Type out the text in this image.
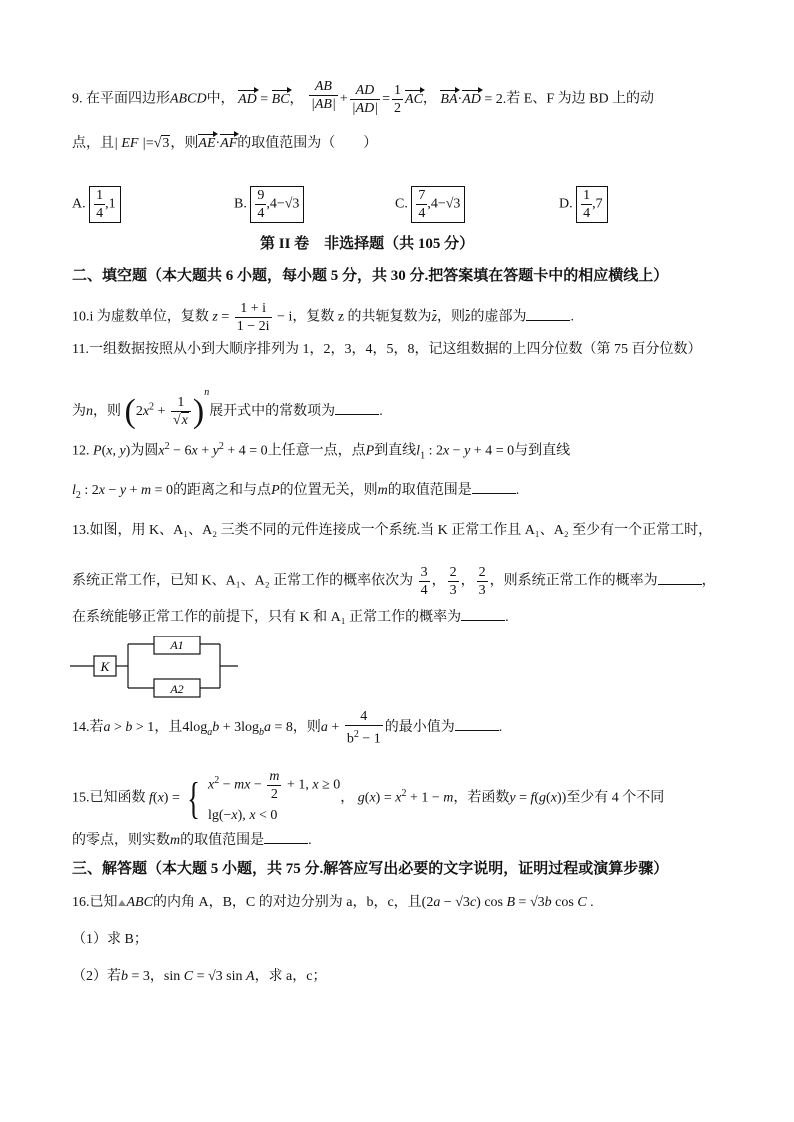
9. 在平面四边形ABCD中， AD = BC， $\frac{AB}{|AB|} + \frac{AD}{|AD|} = \frac{1}{2}$ AC， BA·AD = 2.若 E、F 为边 BD 上的动
点，且| EF |=√3，则AE·AF的取值范围为（　　）
A. $\frac{1}{4} ,1$	B. $\frac{9}{4} ,4-√3$	C. $\frac{7}{4} ,4-√3$	D. $\frac{1}{4} ,7$
第 II 卷　非选择题（共 105 分）
二、填空题（本大题共 6 小题，每小题 5 分，共 30 分.把答案填在答题卡中的相应横线上）
10.i 为虚数单位，复数 $z = \frac{1 + i}{1 - 2i} - i$，复数 z 的共轭复数为z，则z的虚部为	.
11.一组数据按照从小到大顺序排列为 1，2，3，4，5，8，记这组数据的上四分位数（第 75 百分位数）
为n，则 $(2x^2 + \frac{1}{√x} )^n$展开式中的常数项为	.
12. P(x, y)为圆$x^2 - 6x + y^2 + 4 = 0$上任意一点，点P到直线$l_1$ : 2x − y + 4 = 0与到直线
$l_2$ : 2x − y + m = 0的距离之和与点P的位置无关，则m的取值范围是	.
13.如图，用 K、A₁、A₂ 三类不同的元件连接成一个系统.当 K 正常工作且 A₁、A₂ 至少有一个正常工时，
系统正常工作，已知 K、A₁、A₂ 正常工作的概率依次为 $\frac{3}{4}$ ， $\frac{2}{3}$ ， $\frac{2}{3}$ ，则系统正常工作的概率为	，
在系统能够正常工作的前提下，只有 K 和 A₁ 正常工作的概率为	.
K
A1
A2
14.若a > b > 1，且$4\log_ab + 3\log_ba = 8$，则$a + \frac{4}{b^2 - 1}$ 的最小值为	.
15.已知函数 f(x) = { $x^2$ − mx − $\frac{m}{2} + 1$, x ≥ 0
lg(−x), x < 0
， $g(x) = x^2 + 1 - m$，若函数y = f(g(x))至少有 4 个不同
的零点，则实数m的取值范围是	.
三、解答题（本大题 5 小题，共 75 分.解答应写出必要的文字说明，证明过程或演算步骤）
16.已知 ABC的内角 A，B，C 的对边分别为 a，b，c，且(2a − √3c) cos B = √3b cos C .
（1）求 B；
（2）若b = 3，sin C = √3 sin A，求 a，c；
